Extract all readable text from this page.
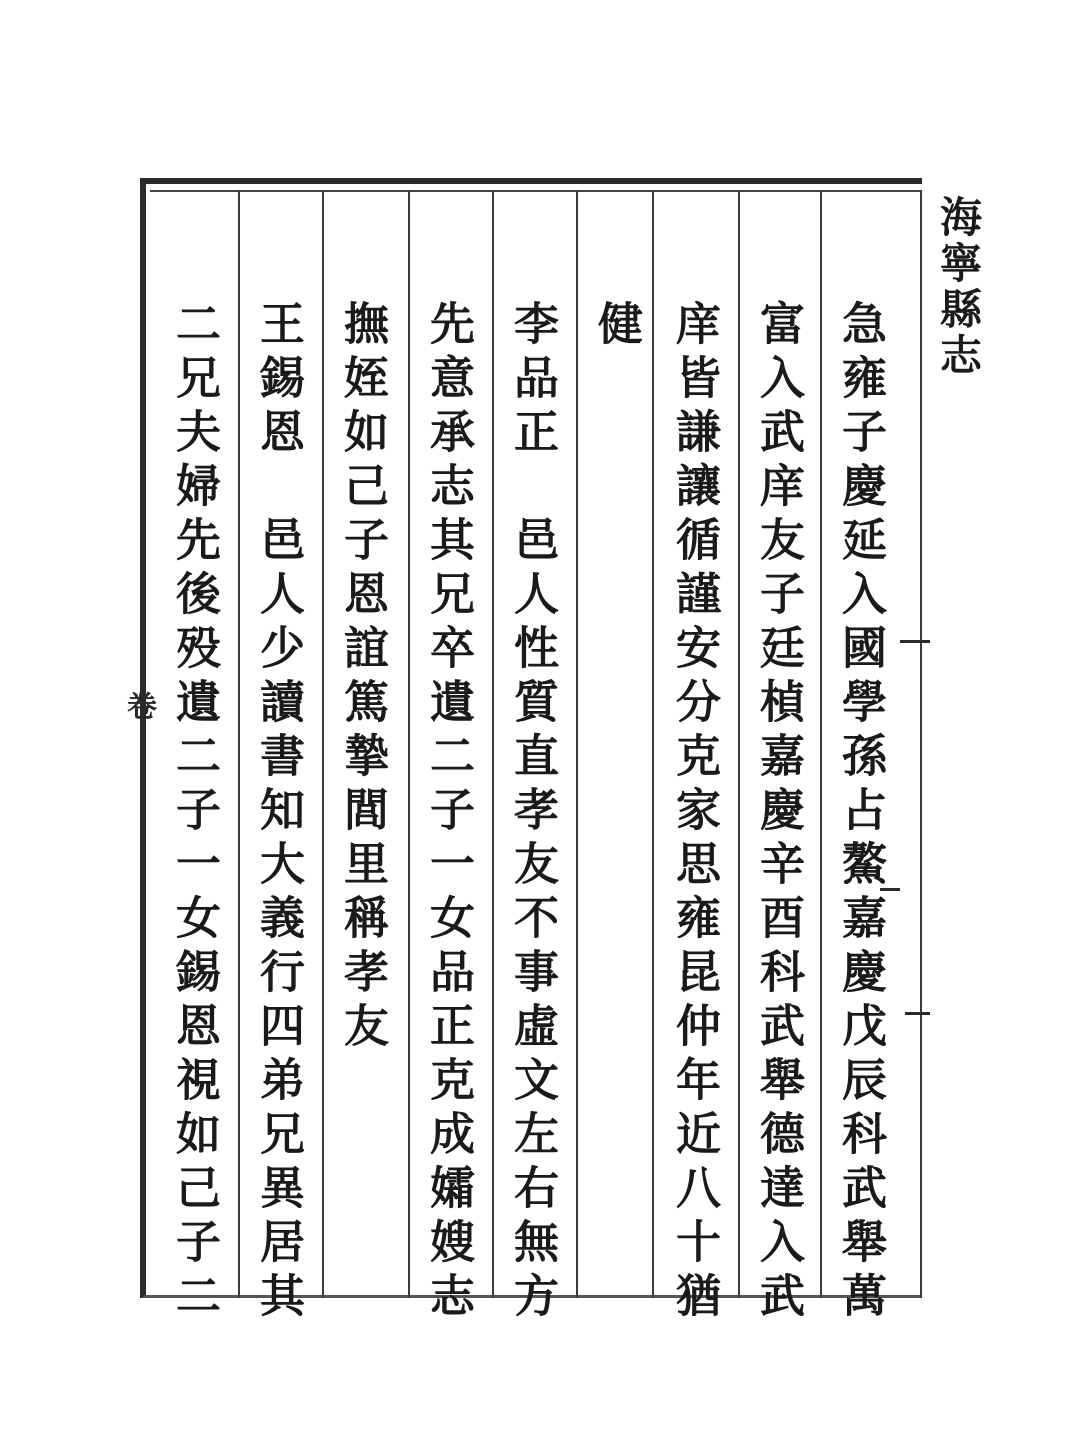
海寧縣志
卷	急雍子慶延入國學孫占鰲嘉慶戊辰科武舉萬
富入武庠友子廷楨嘉慶辛酉科武舉德達入武
庠皆謙讓循謹安分克家思雍昆仲年近八十猶
健
李品正　邑人性質直孝友不事虛文左右無方
先意承志其兄卒遺二子一女品正克成孀嫂志
撫姪如己子恩誼篤摯閭里稱孝友
王錫恩　邑人少讀書知大義行四弟兄異居其
二兄夫婦先後殁遺二子一女錫恩視如己子二
